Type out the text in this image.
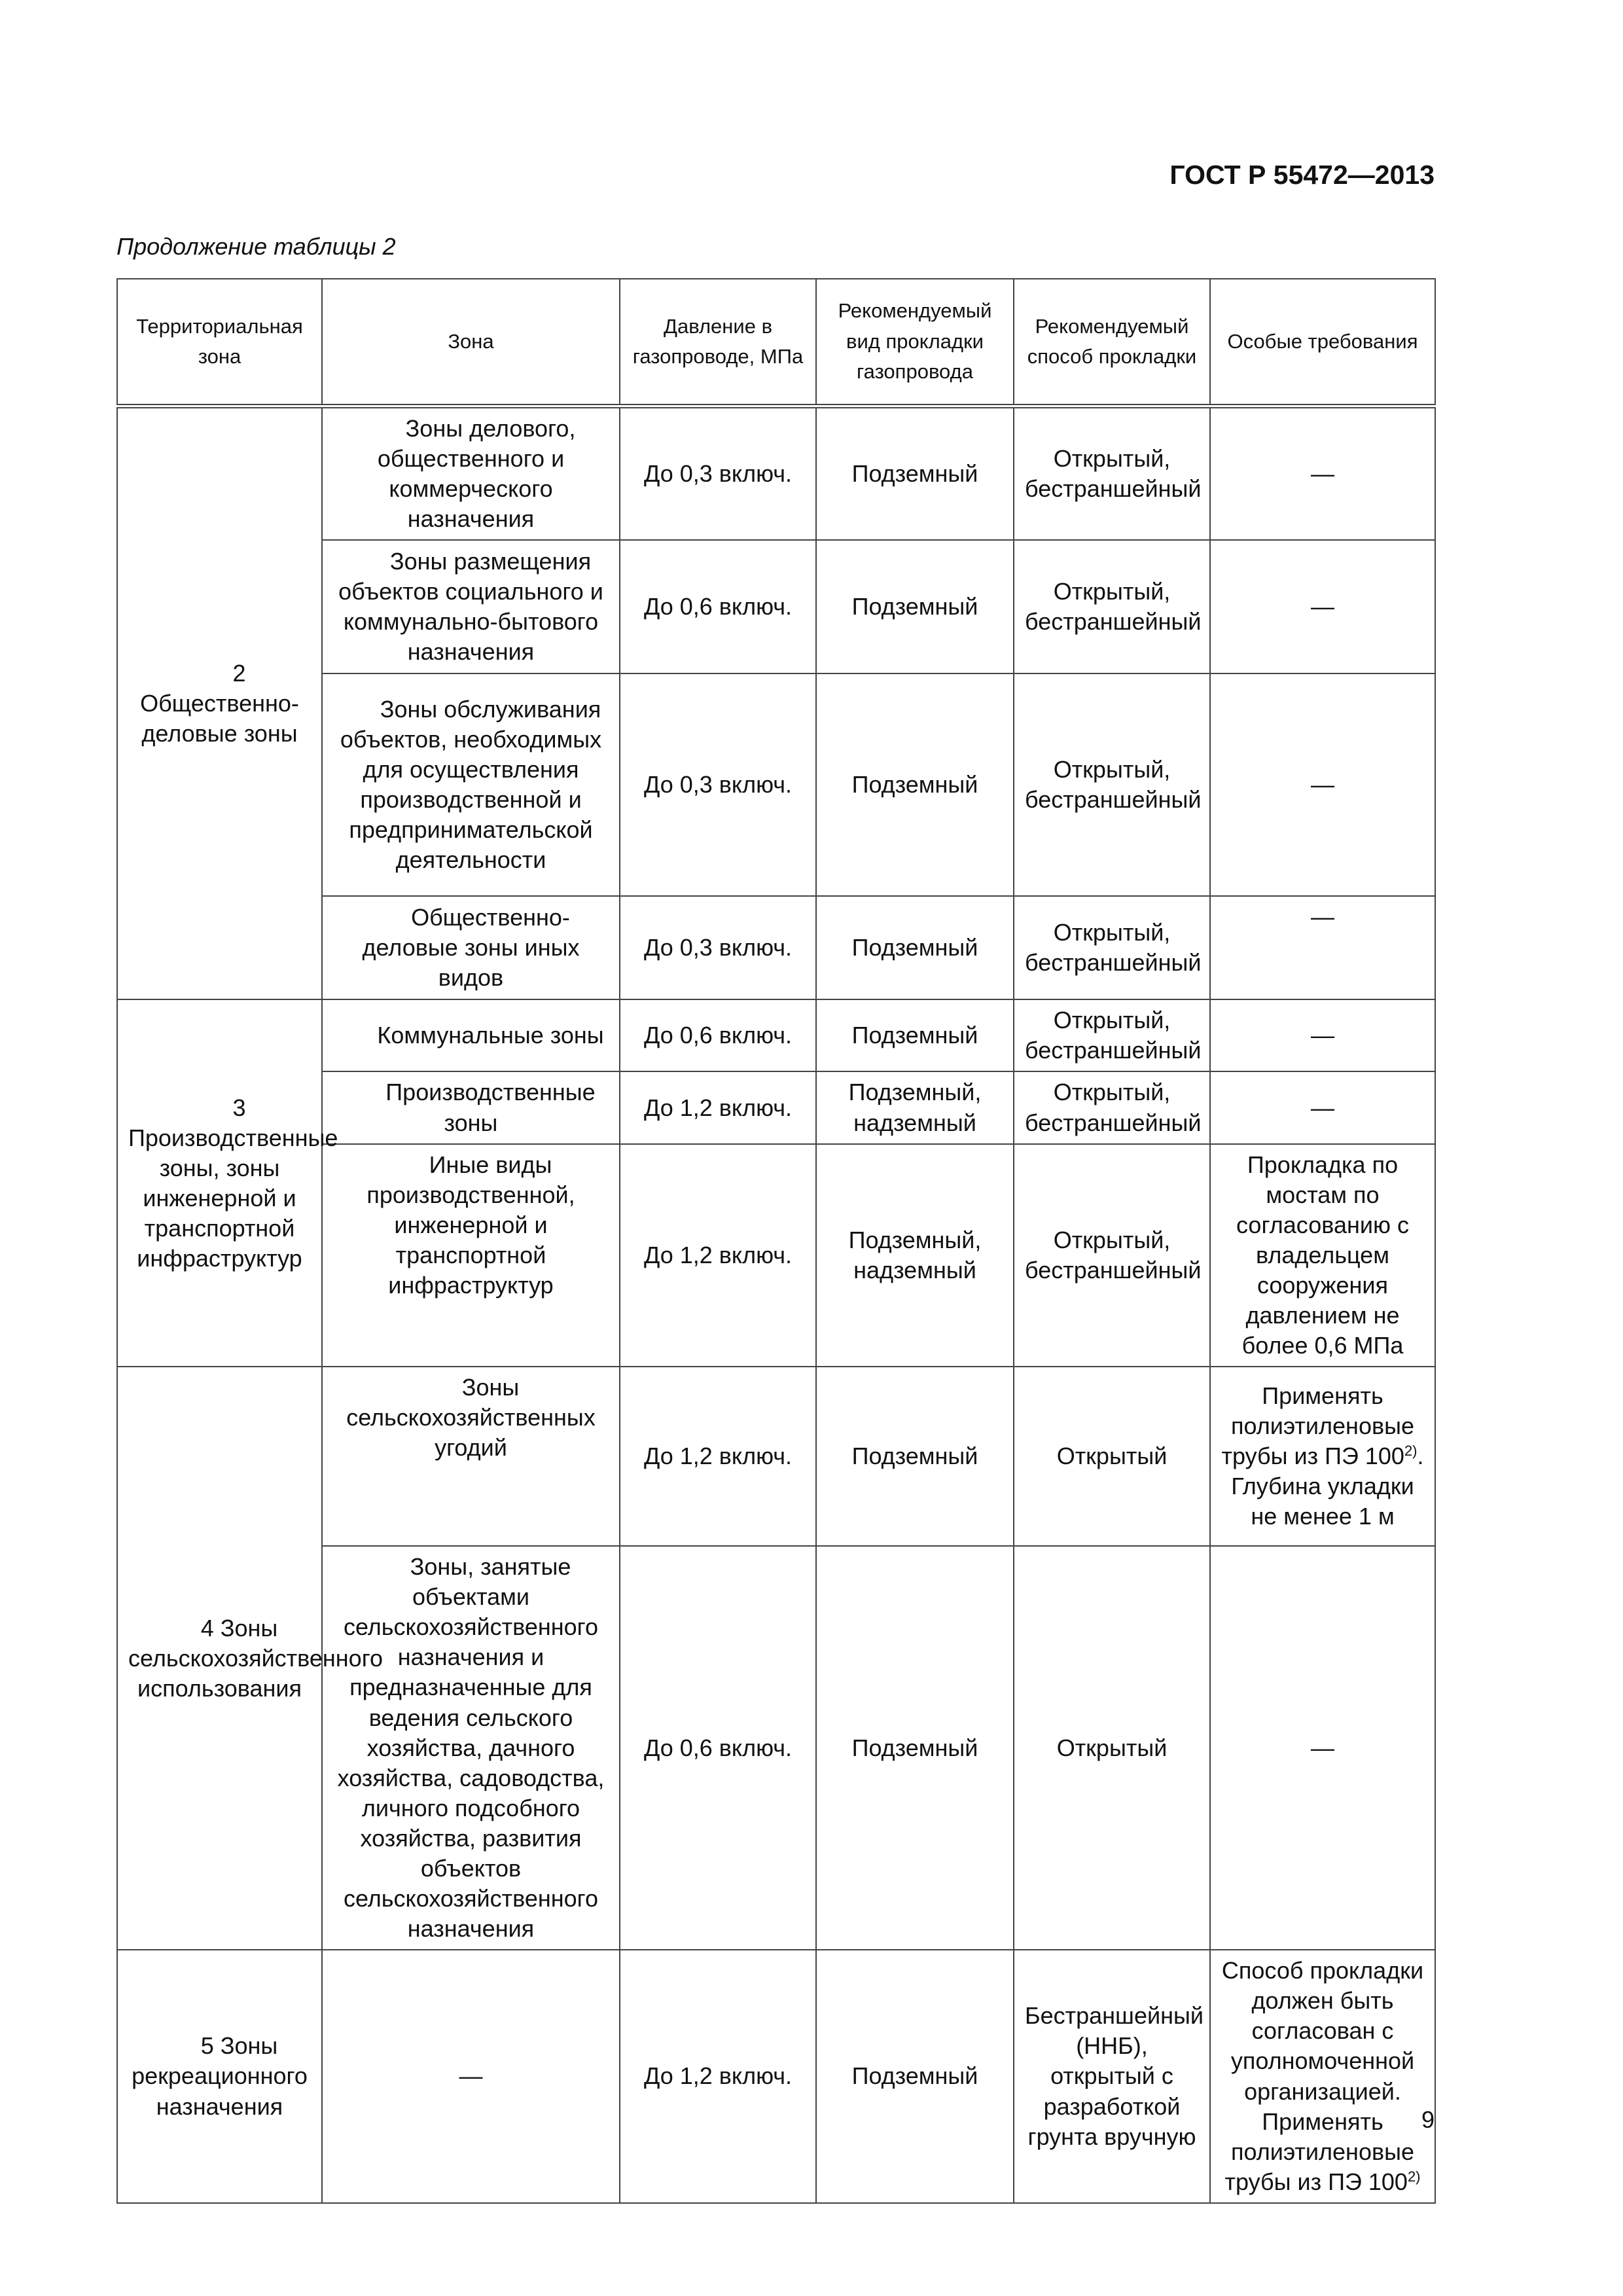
ГОСТ Р 55472—2013
Продолжение таблицы 2
Территориальная зона	Зона	Давление в газопроводе, МПа	Рекомендуемый вид прокладки газопровода	Рекомендуемый способ прокладки	Особые требования
2 Общественно-деловые зоны	Зоны делового, общественного и коммерческого назначения	До 0,3 включ.	Подземный	Открытый, бестраншейный	—
	Зоны размещения объектов социального и коммунально-бытового назначения	До 0,6 включ.	Подземный	Открытый, бестраншейный	—
	Зоны обслуживания объектов, необходимых для осуществления производственной и предпринимательской деятельности	До 0,3 включ.	Подземный	Открытый, бестраншейный	—
	Общественно-деловые зоны иных видов	До 0,3 включ.	Подземный	Открытый, бестраншейный	—
3 Производственные зоны, зоны инженерной и транспортной инфраструктур	Коммунальные зоны	До 0,6 включ.	Подземный	Открытый, бестраншейный	—
	Производственные зоны	До 1,2 включ.	Подземный, надземный	Открытый, бестраншейный	—
	Иные виды производственной, инженерной и транспортной инфраструктур	До 1,2 включ.	Подземный, надземный	Открытый, бестраншейный	Прокладка по мостам по согласованию с владельцем сооружения давлением не более 0,6 МПа
4 Зоны сельскохозяйственного использования	Зоны сельскохозяйственных угодий	До 1,2 включ.	Подземный	Открытый	Применять полиэтиленовые трубы из ПЭ 100$^{2)}$. Глубина укладки не менее 1 м
	Зоны, занятые объектами сельскохозяйственного назначения и предназначенные для ведения сельского хозяйства, дачного хозяйства, садоводства, личного подсобного хозяйства, развития объектов сельскохозяйственного назначения	До 0,6 включ.	Подземный	Открытый	—
5 Зоны рекреационного назначения	—	До 1,2 включ.	Подземный	Бестраншейный (ННБ), открытый с разработкой грунта вручную	Способ прокладки должен быть согласован с уполномоченной организацией. Применять полиэтиленовые трубы из ПЭ 100$^{2)}$
9
